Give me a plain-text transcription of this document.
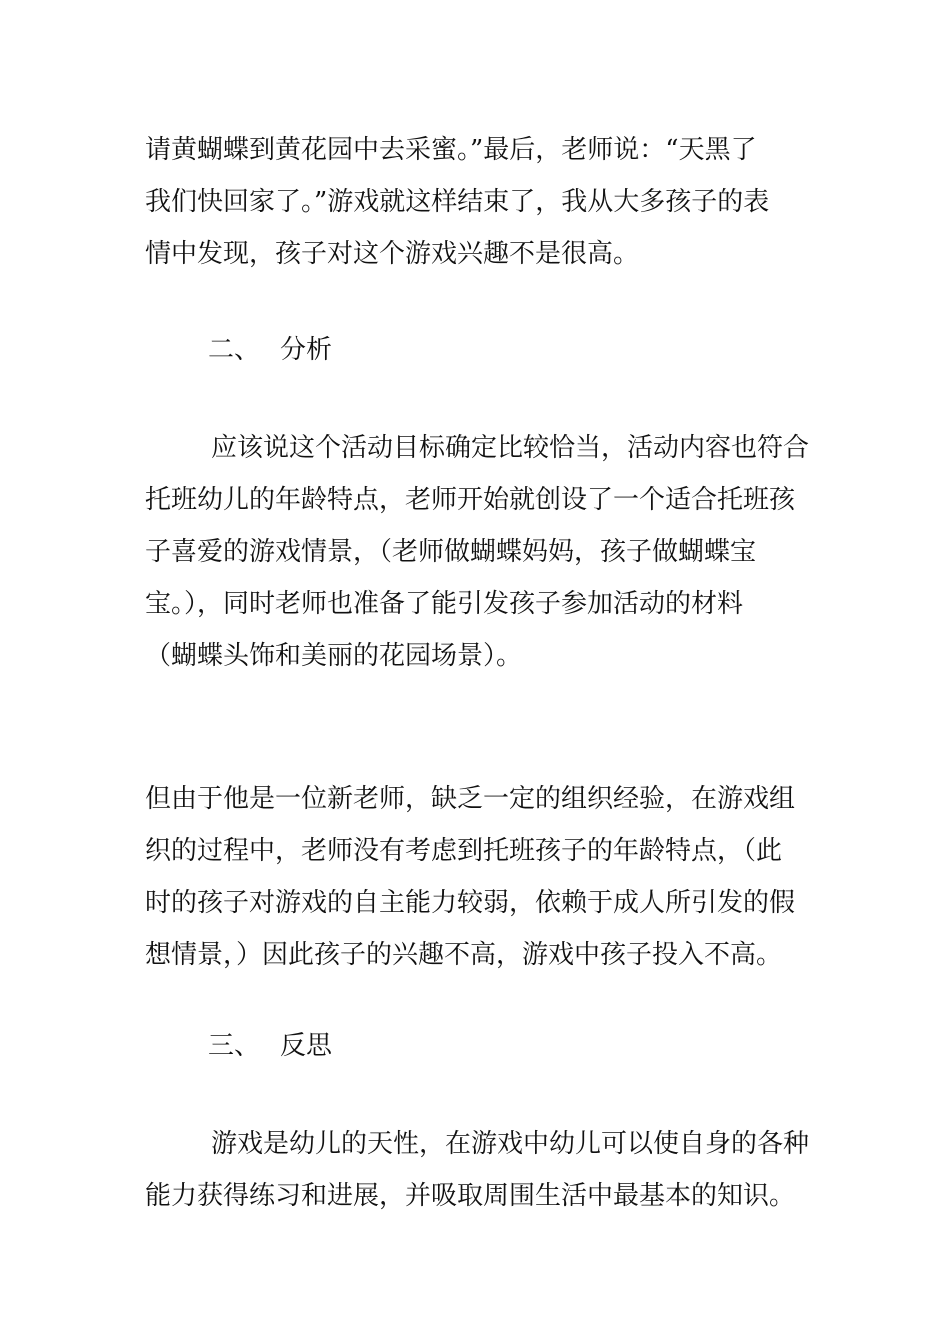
请黄蝴蝶到黄花园中去采蜜。”最后，老师说：“天黑了
我们快回家了。”游戏就这样结束了，我从大多孩子的表
情中发现，孩子对这个游戏兴趣不是很高。

二、 分析

应该说这个活动目标确定比较恰当，活动内容也符合
托班幼儿的年龄特点，老师开始就创设了一个适合托班孩
子喜爱的游戏情景，（老师做蝴蝶妈妈，孩子做蝴蝶宝
宝。），同时老师也准备了能引发孩子参加活动的材料
（蝴蝶头饰和美丽的花园场景）。

但由于他是一位新老师，缺乏一定的组织经验，在游戏组
织的过程中，老师没有考虑到托班孩子的年龄特点，（此
时的孩子对游戏的自主能力较弱，依赖于成人所引发的假
想情景，）因此孩子的兴趣不高，游戏中孩子投入不高。

三、 反思

游戏是幼儿的天性，在游戏中幼儿可以使自身的各种
能力获得练习和进展，并吸取周围生活中最基本的知识。
